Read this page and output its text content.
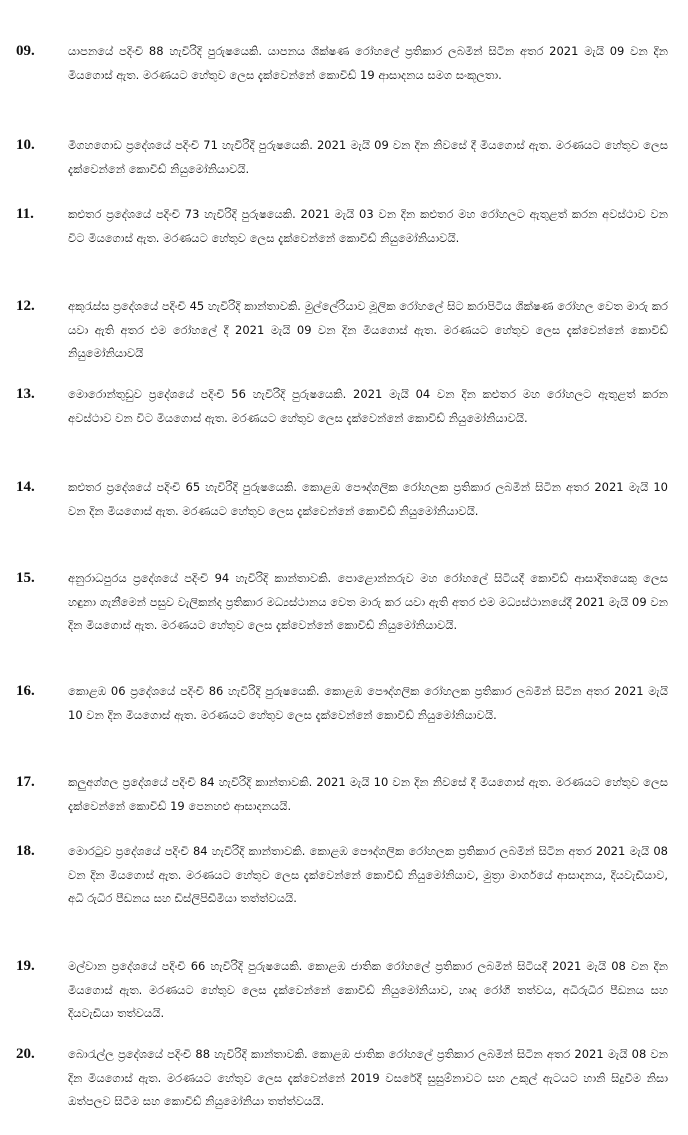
09.	යාපනයේ පදිංචි 88 හැවිරිදි පුරුෂයෙකි. යාපනය ශික්ෂණ රෝහලේ ප්‍රතිකාර ලබමින් සිටින අතර 2021 මැයි 09 වන දින මියගොස් ඇත. මරණයට හේතුව ලෙස දැක්වෙන්නේ කොවිඩ් 19 ආසාදනය සමග සංකූලතා.
10.	මීගහගොඩ ප්‍රදේශයේ පදිංචි 71 හැවිරිදි පුරුෂයෙකි. 2021 මැයි 09 වන දින නිවසේ දී මියගොස් ඇත. මරණයට හේතුව ලෙස දැක්වෙන්නේ කොවිඩ් නියුමෝනියාවයි.
11.	කළුතර ප්‍රදේශයේ පදිංචි 73 හැවිරිදි පුරුෂයෙකි. 2021 මැයි 03 වන දින කළුතර මහ රෝහලට ඇතුළත් කරන අවස්ථාව වන විට මියගොස් ඇත. මරණයට හේතුව ලෙස දැක්වෙන්නේ කොවිඩ් නියුමෝනියාවයි.
12.	අකුරැස්ස ප්‍රදේශයේ පදිංචි 45 හැවිරිදි කාන්තාවකි. මුල්ලේරියාව මූලික රෝහලේ සිට කරාපිටිය ශික්ෂණ රෝහල වෙත මාරු කර යවා ඇති අතර එම රෝහලේ දී 2021 මැයි 09 වන දින මියගොස් ඇත. මරණයට හේතුව ලෙස දැක්වෙන්නේ කොවිඩ් නියුමෝනියාවයි
13.	මොරොන්තුඩුව ප්‍රදේශයේ පදිංචි 56 හැවිරිදි පුරුෂයෙකි. 2021 මැයි 04 වන දින කළුතර මහ රෝහලට ඇතුළත් කරන අවස්ථාව වන විට මියගොස් ඇත. මරණයට හේතුව ලෙස දැක්වෙන්නේ කොවිඩ් නියුමෝනියාවයි.
14.	කළුතර ප්‍රදේශයේ පදිංචි 65 හැවිරිදි පුරුෂයෙකි. කොළඹ පෞද්ගලික රෝහලක ප්‍රතිකාර ලබමින් සිටින අතර 2021 මැයි 10 වන දින මියගොස් ඇත. මරණයට හේතුව ලෙස දැක්වෙන්නේ කොවිඩ් නියුමෝනියාවයි.
15.	අනුරාධපුරය ප්‍රදේශයේ පදිංචි 94 හැවිරිදි කාන්තාවකි. පොළොන්නරුව මහ රෝහලේ සිටියදී කොවිඩ් ආසාදිතයෙකු ලෙස හඳුනා ගැනීමෙන් පසුව වැලිකන්ද ප්‍රතිකාර මධ්‍යස්ථානය වෙත මාරු කර යවා ඇති අතර එම මධ්‍යස්ථානයේදී 2021 මැයි 09 වන දින මියගොස් ඇත. මරණයට හේතුව ලෙස දැක්වෙන්නේ කොවිඩ් නියුමෝනියාවයි.
16.	කොළඹ 06 ප්‍රදේශයේ පදිංචි 86 හැවිරිදි පුරුෂයෙකි. කොළඹ පෞද්ගලික රෝහලක ප්‍රතිකාර ලබමින් සිටින අතර 2021 මැයි 10 වන දින මියගොස් ඇත. මරණයට හේතුව ලෙස දැක්වෙන්නේ කොවිඩ් නියුමෝනියාවයි.
17.	කලුඅග්ගල ප්‍රදේශයේ පදිංචි 84 හැවිරිදි කාන්තාවකි. 2021 මැයි 10 වන දින නිවසේ දී මියගොස් ඇත. මරණයට හේතුව ලෙස දැක්වෙන්නේ කොවිඩ් 19 පෙනහළු ආසාදනයයි.
18.	මොරටුව ප්‍රදේශයේ පදිංචි 84 හැවිරිදි කාන්තාවකි. කොළඹ පෞද්ගලික රෝහලක ප්‍රතිකාර ලබමින් සිටින අතර 2021 මැයි 08 වන දින මියගොස් ඇත. මරණයට හේතුව ලෙස දැක්වෙන්නේ කොවිඩ් නියුමෝනියාව, මුත්‍රා මාර්ගයේ ආසාදනය, දියවැඩියාව, අධි රුධිර පීඩනය සහ ඩිස්ලිපිඩීමියා තත්ත්වයයි.
19.	මල්වාන ප්‍රදේශයේ පදිංචි 66 හැවිරිදි පුරුෂයෙකි. කොළඹ ජාතික රෝහලේ ප්‍රතිකාර ලබමින් සිටියදී 2021 මැයි 08 වන දින මියගොස් ඇත. මරණයට හේතුව ලෙස දැක්වෙන්නේ කොවිඩ් නියුමෝනියාව, හෘද රෝගී තත්වය, අධිරුධිර පීඩනය සහ දියවැඩියා තත්වයයි.
20.	බොරැල්ල ප්‍රදේශයේ පදිංචි 88 හැවිරිදි කාන්තාවකි. කොළඹ ජාතික රෝහලේ ප්‍රතිකාර ලබමින් සිටින අතර 2021 මැයි 08 වන දින මියගොස් ඇත. මරණයට හේතුව ලෙස දැක්වෙන්නේ 2019 වසරේදී සුසුම්නාවට සහ උකුල් ඇටයට හානි සිදුවීම නිසා ඔත්පලව සිටීම සහ කොවිඩ් නියුමෝනියා තත්ත්වයයි.
